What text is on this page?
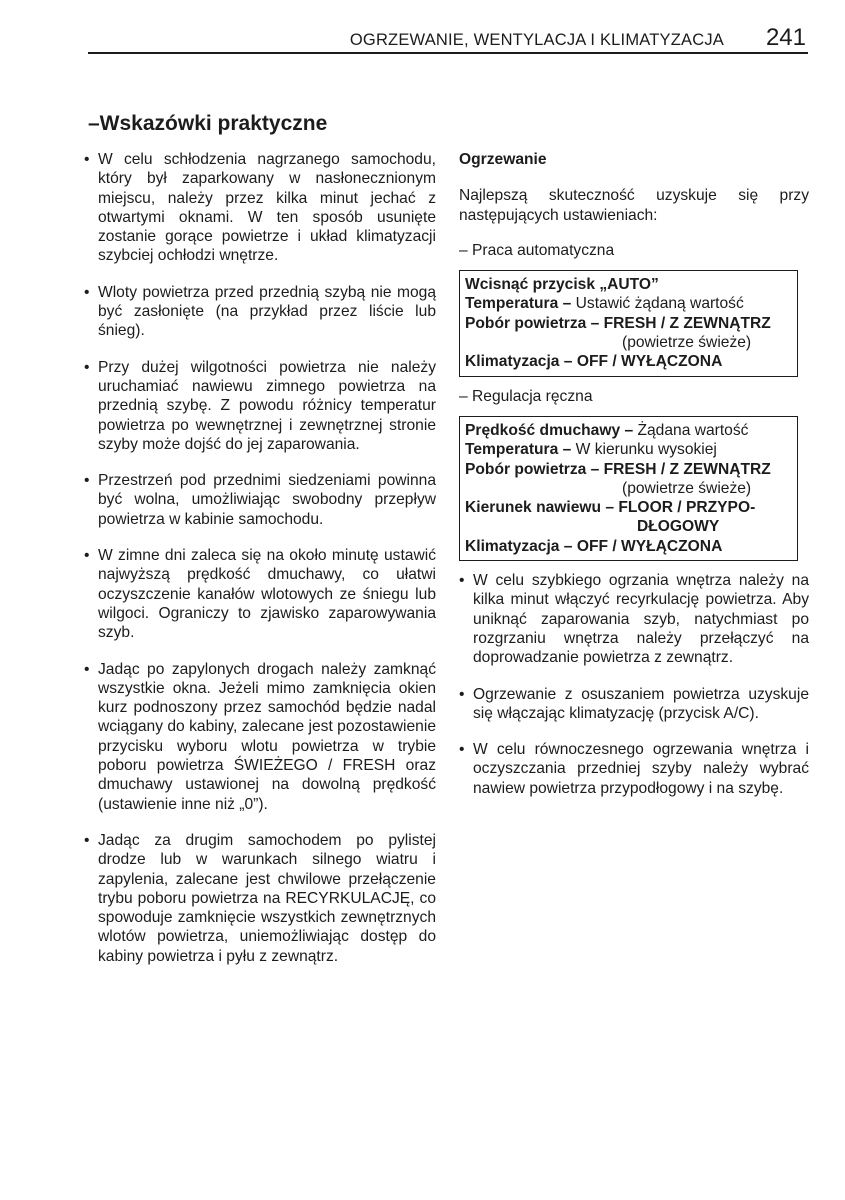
OGRZEWANIE, WENTYLACJA I KLIMATYZACJA 241
–Wskazówki praktyczne
• W celu schłodzenia nagrzanego samochodu, który był zaparkowany w nasłonecznionym miejscu, należy przez kilka minut jechać z otwartymi oknami. W ten sposób usunięte zostanie gorące powietrze i układ klimatyzacji szybciej ochłodzi wnętrze.
• Wloty powietrza przed przednią szybą nie mogą być zasłonięte (na przykład przez liście lub śnieg).
• Przy dużej wilgotności powietrza nie należy uruchamiać nawiewu zimnego powietrza na przednią szybę. Z powodu różnicy temperatur powietrza po wewnętrznej i zewnętrznej stronie szyby może dojść do jej zaparowania.
• Przestrzeń pod przednimi siedzeniami powinna być wolna, umożliwiając swobodny przepływ powietrza w kabinie samochodu.
• W zimne dni zaleca się na około minutę ustawić najwyższą prędkość dmuchawy, co ułatwi oczyszczenie kanałów wlotowych ze śniegu lub wilgoci. Ograniczy to zjawisko zaparowywania szyb.
• Jadąc po zapylonych drogach należy zamknąć wszystkie okna. Jeżeli mimo zamknięcia okien kurz podnoszony przez samochód będzie nadal wciągany do kabiny, zalecane jest pozostawienie przycisku wyboru wlotu powietrza w trybie poboru powietrza ŚWIEŻEGO / FRESH oraz dmuchawy ustawionej na dowolną prędkość (ustawienie inne niż „0”).
• Jadąc za drugim samochodem po pylistej drodze lub w warunkach silnego wiatru i zapylenia, zalecane jest chwilowe przełączenie trybu poboru powietrza na RECYRKULACJĘ, co spowoduje zamknięcie wszystkich zewnętrznych wlotów powietrza, uniemożliwiając dostęp do kabiny powietrza i pyłu z zewnątrz.
Ogrzewanie
Najlepszą skuteczność uzyskuje się przy następujących ustawieniach:
– Praca automatyczna
Wcisnąć przycisk „AUTO”
Temperatura – Ustawić żądaną wartość
Pobór powietrza – FRESH / Z ZEWNĄTRZ
(powietrze świeże)
Klimatyzacja – OFF / WYŁĄCZONA
– Regulacja ręczna
Prędkość dmuchawy – Żądana wartość
Temperatura – W kierunku wysokiej
Pobór powietrza – FRESH / Z ZEWNĄTRZ
(powietrze świeże)
Kierunek nawiewu – FLOOR / PRZYPO-
DŁOGOWY
Klimatyzacja – OFF / WYŁĄCZONA
• W celu szybkiego ogrzania wnętrza należy na kilka minut włączyć recyrkulację powietrza. Aby uniknąć zaparowania szyb, natychmiast po rozgrzaniu wnętrza należy przełączyć na doprowadzanie powietrza z zewnątrz.
• Ogrzewanie z osuszaniem powietrza uzyskuje się włączając klimatyzację (przycisk A/C).
• W celu równoczesnego ogrzewania wnętrza i oczyszczania przedniej szyby należy wybrać nawiew powietrza przypodłogowy i na szybę.
